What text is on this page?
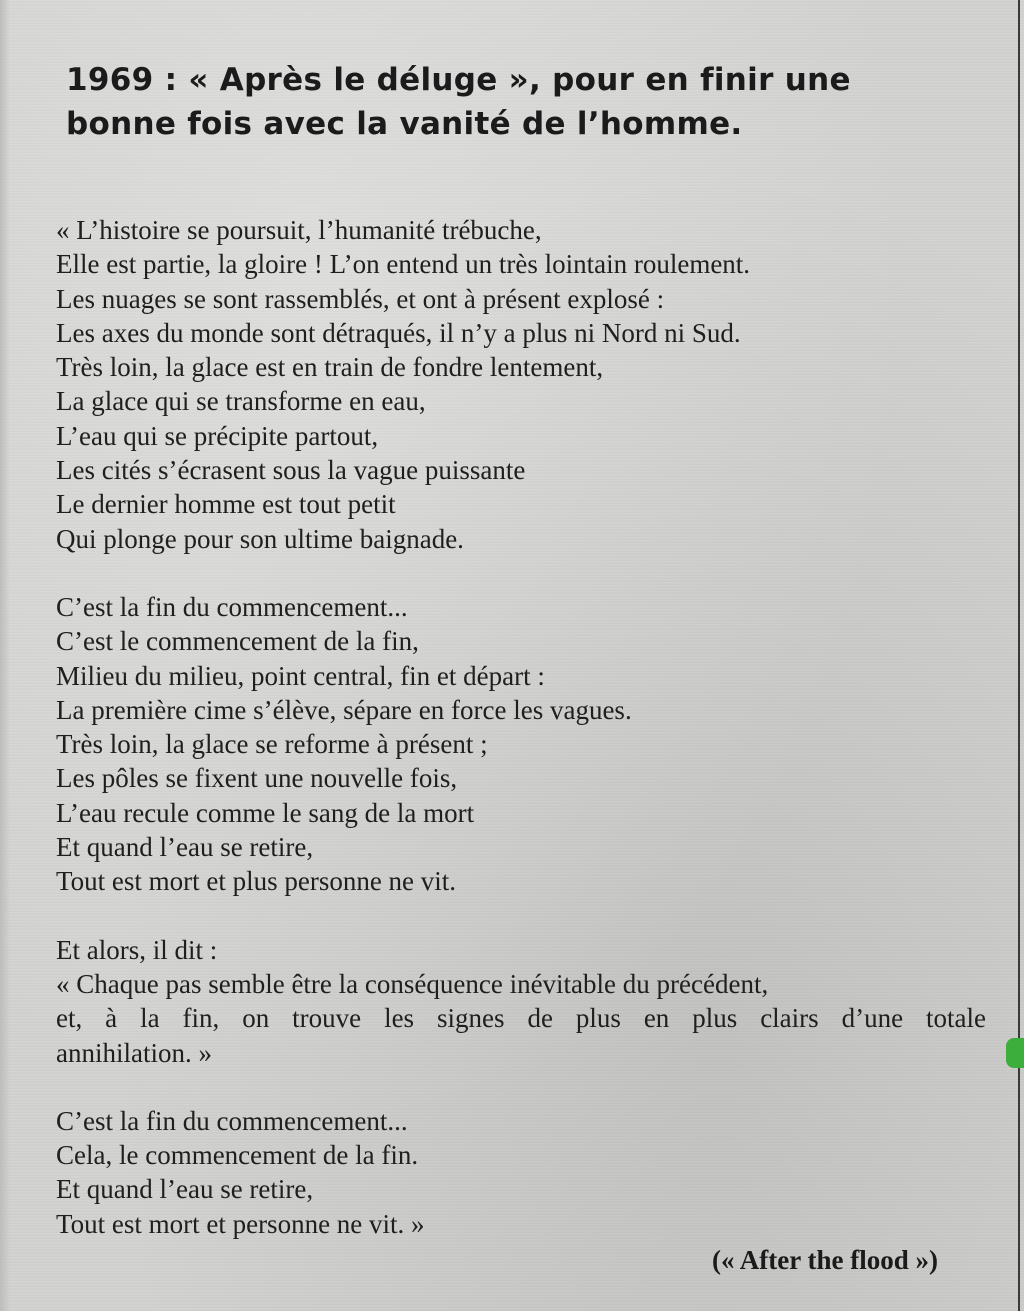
1969 : « Après le déluge », pour en finir une
bonne fois avec la vanité de l’homme.
« L’histoire se poursuit, l’humanité trébuche,
Elle est partie, la gloire ! L’on entend un très lointain roulement.
Les nuages se sont rassemblés, et ont à présent explosé :
Les axes du monde sont détraqués, il n’y a plus ni Nord ni Sud.
Très loin, la glace est en train de fondre lentement,
La glace qui se transforme en eau,
L’eau qui se précipite partout,
Les cités s’écrasent sous la vague puissante
Le dernier homme est tout petit
Qui plonge pour son ultime baignade.
C’est la fin du commencement...
C’est le commencement de la fin,
Milieu du milieu, point central, fin et départ :
La première cime s’élève, sépare en force les vagues.
Très loin, la glace se reforme à présent ;
Les pôles se fixent une nouvelle fois,
L’eau recule comme le sang de la mort
Et quand l’eau se retire,
Tout est mort et plus personne ne vit.
Et alors, il dit :
« Chaque pas semble être la conséquence inévitable du précédent,
et, à la fin, on trouve les signes de plus en plus clairs d’une totale
annihilation. »
C’est la fin du commencement...
Cela, le commencement de la fin.
Et quand l’eau se retire,
Tout est mort et personne ne vit. »
(« After the flood »)
